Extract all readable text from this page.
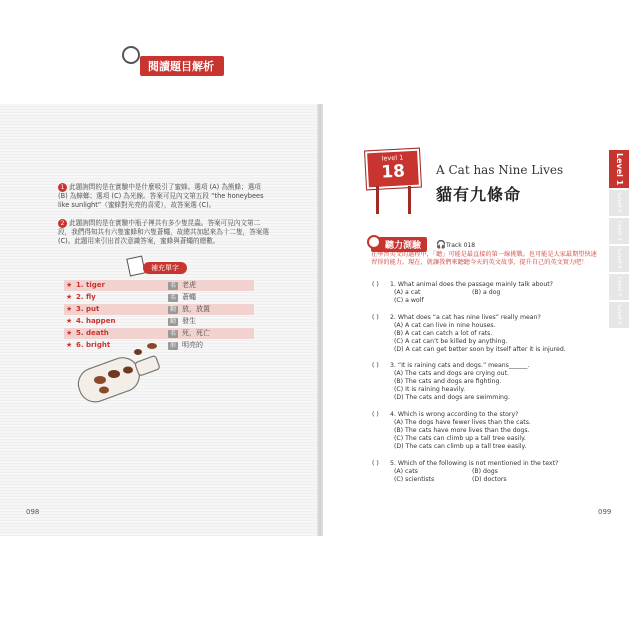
閱讀題目解析
1 此題詢問的是在實驗中是什麼吸引了蜜蜂。選項 (A) 為熊蜂；選項 (B) 為蟑螂；選項 (C) 為光線。答案可見內文第五段 “the honeybees like sunlight”（蜜蜂對光亮的喜愛），故答案選 (C)。
2 此題詢問的是在實驗中瓶子裡共有多少隻昆蟲。答案可見內文第二段，我們得知共有六隻蜜蜂和六隻蒼蠅，故總共加起來為十二隻，答案選 (C)。此題用來引出首次意識答案，蜜蜂與蒼蠅的總數。
補充單字
★ 1. tiger	名 老虎
★ 2. fly	名 蒼蠅
★ 3. put	動 放，放置
★ 4. happen	動 發生
★ 5. death	名 死，死亡
★ 6. bright	形 明亮的
098
level 1
18	A Cat has Nine Lives
貓有九條命
Level 1
Level 2
Level 3
Level 4
Level 5
Level 6
聽力測驗	🎧Track 018
在學習英文的過程中，「聽」可能是最直接的第一線挑戰。也可能是大家最期望快速習得的能力。現在，就讓我們來聽聽今天的英文故事，提升自己的英文實力吧！
( ) 1. What animal does the passage mainly talk about?
(A) a cat	(B) a dog
(C) a wolf
( ) 2. What does “a cat has nine lives” really mean?
(A) A cat can live in nine houses.
(B) A cat can catch a lot of rats.
(C) A cat can’t be killed by anything.
(D) A cat can get better soon by itself after it is injured.
( ) 3. “It is raining cats and dogs.” means______.
(A) The cats and dogs are crying out.
(B) The cats and dogs are fighting.
(C) It is raining heavily.
(D) The cats and dogs are swimming.
( ) 4. Which is wrong according to the story?
(A) The dogs have fewer lives than the cats.
(B) The cats have more lives than the dogs.
(C) The cats can climb up a tall tree easily.
(D) The cats can climb up a tall tree easily.
( ) 5. Which of the following is not mentioned in the text?
(A) cats	(B) dogs
(C) scientists	(D) doctors
099
